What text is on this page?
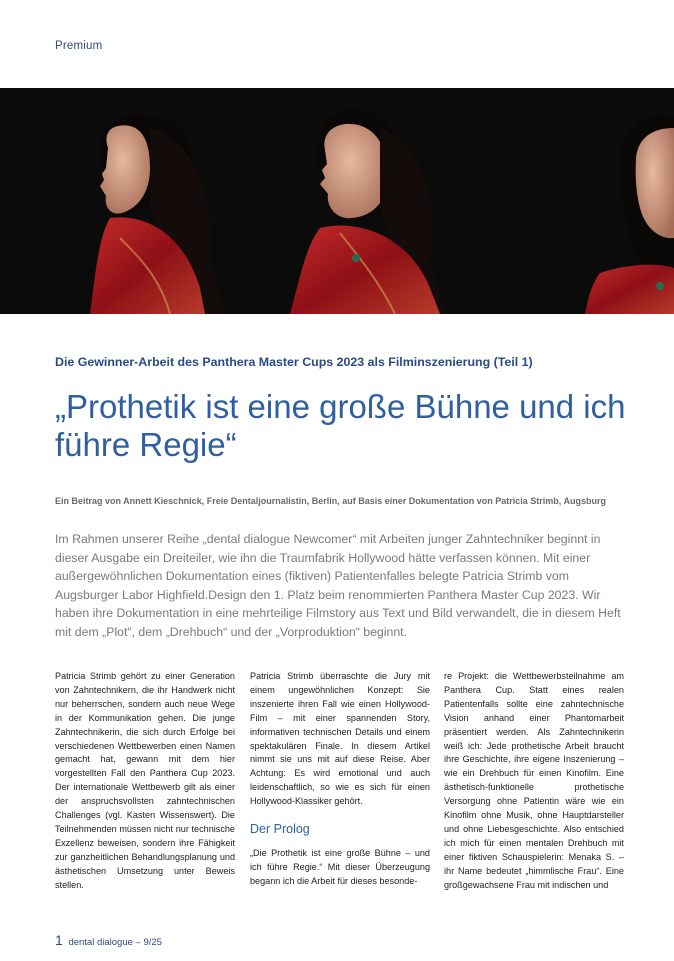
Premium
Die Gewinner-Arbeit des Panthera Master Cups 2023 als Filminszenierung (Teil 1)
„Prothetik ist eine große Bühne und ich führe Regie“
Ein Beitrag von Annett Kieschnick, Freie Dentaljournalistin, Berlin, auf Basis einer Dokumentation von Patricia Strimb, Augsburg

Im Rahmen unserer Reihe „dental dialogue Newcomer“ mit Arbeiten junger Zahntechniker beginnt in dieser Ausgabe ein Dreiteiler, wie ihn die Traumfabrik Hollywood hätte verfassen können. Mit einer außergewöhnlichen Dokumentation eines (fiktiven) Patientenfalles belegte Patricia Strimb vom Augsburger Labor Highfield.Design den 1. Platz beim renommierten Panthera Master Cup 2023. Wir haben ihre Dokumentation in eine mehrteilige Filmstory aus Text und Bild verwandelt, die in diesem Heft mit dem „Plot“, dem „Drehbuch“ und der „Vorproduktion“ beginnt.

Patricia Strimb gehört zu einer Generation von Zahntechnikern, die ihr Handwerk nicht nur beherrschen, sondern auch neue Wege in der Kommunikation gehen. Die junge Zahntechnikerin, die sich durch Erfolge bei verschiedenen Wettbewerben einen Namen gemacht hat, gewann mit dem hier vorgestellten Fall den Panthera Cup 2023. Der internationale Wettbewerb gilt als einer der anspruchsvollsten zahntechnischen Challenges (vgl. Kasten Wissenswert). Die Teilnehmenden müssen nicht nur technische Exzellenz beweisen, sondern ihre Fähigkeit zur ganzheitlichen Behandlungsplanung und ästhetischen Umsetzung unter Beweis stellen.

Patricia Strimb überraschte die Jury mit einem ungewöhnlichen Konzept: Sie inszenierte ihren Fall wie einen Hollywood-Film – mit einer spannenden Story, informativen technischen Details und einem spektakulären Finale. In diesem Artikel nimmt sie uns mit auf diese Reise. Aber Achtung: Es wird emotional und auch leidenschaftlich, so wie es sich für einen Hollywood-Klassiker gehört.

Der Prolog

„Die Prothetik ist eine große Bühne – und ich führe Regie.“ Mit dieser Überzeugung begann ich die Arbeit für dieses besonde-

re Projekt: die Wettbewerbsteilnahme am Panthera Cup. Statt eines realen Patientenfalls sollte eine zahntechnische Vision anhand einer Phantomarbeit präsentiert werden. Als Zahntechnikerin weiß ich: Jede prothetische Arbeit braucht ihre Geschichte, ihre eigene Inszenierung – wie ein Drehbuch für einen Kinofilm. Eine ästhetisch-funktionelle prothetische Versorgung ohne Patientin wäre wie ein Kinofilm ohne Musik, ohne Hauptdarsteller und ohne Liebesgeschichte. Also entschied ich mich für einen mentalen Drehbuch mit einer fiktiven Schauspielerin: Menaka S. – ihr Name bedeutet „himmlische Frau“. Eine großgewachsene Frau mit indischen und

1 dental dialogue – 9/25
